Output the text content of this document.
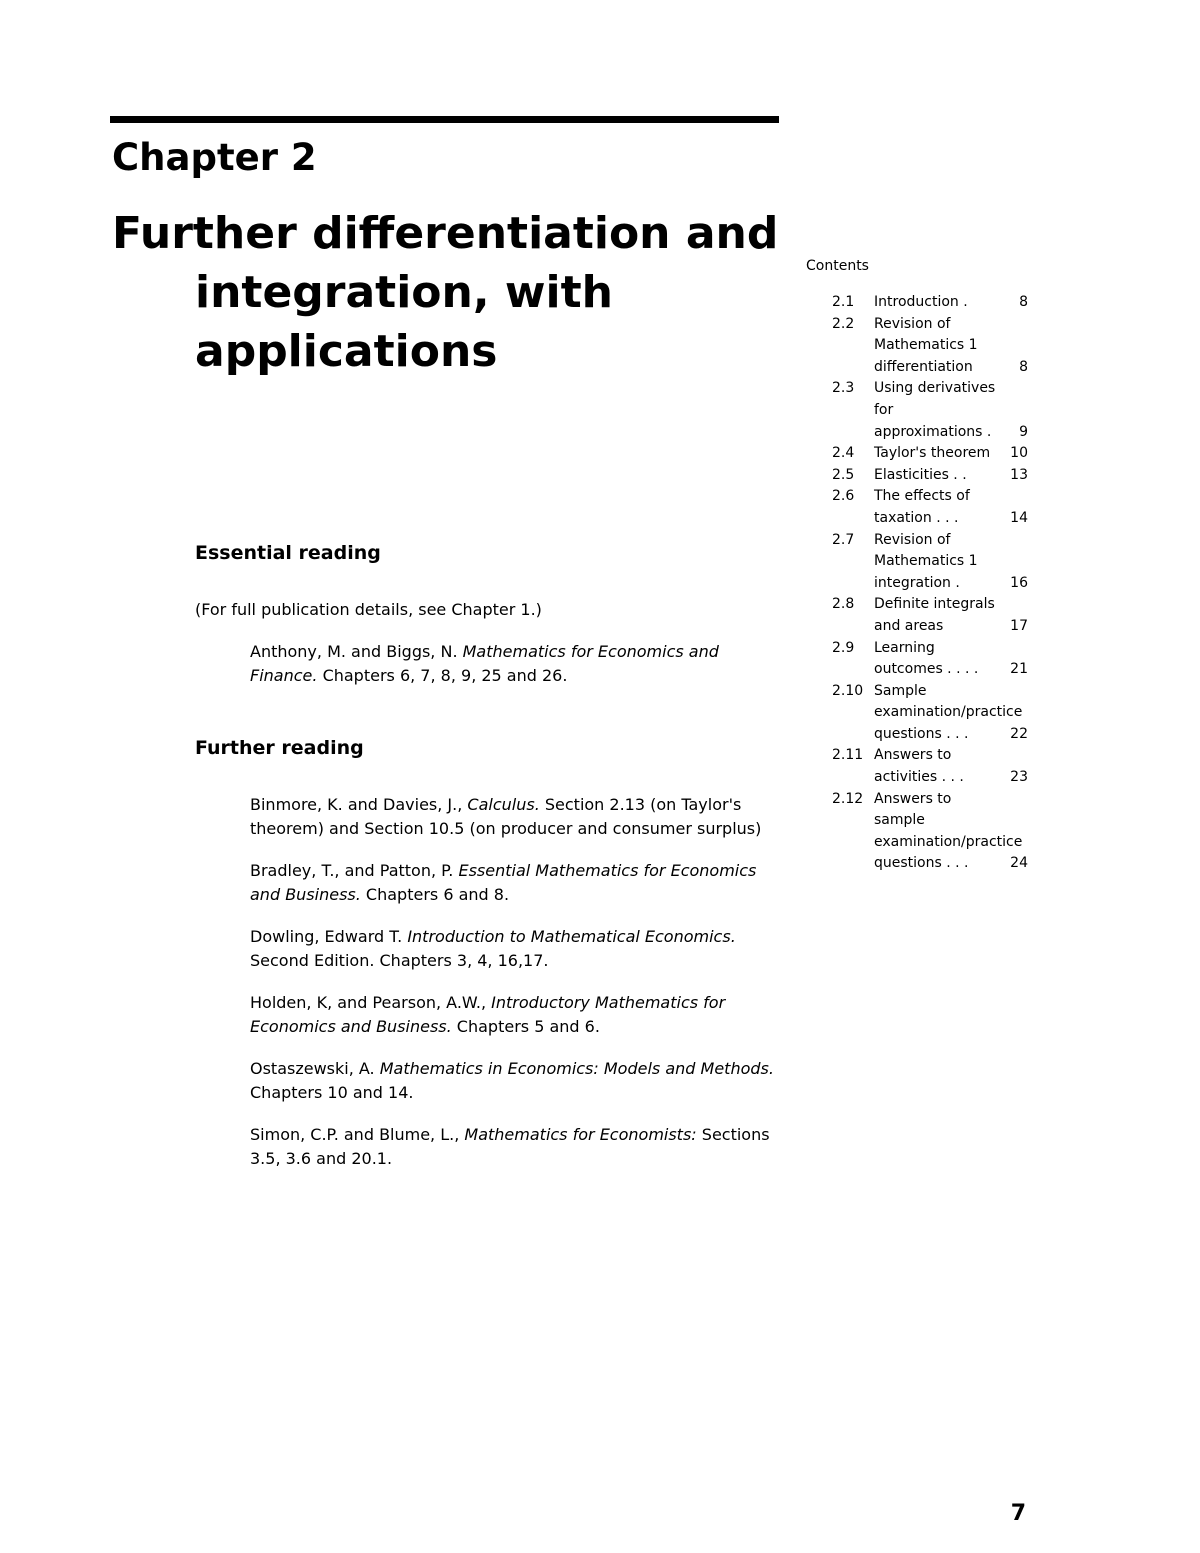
Chapter 2
Further differentiation and integration, with applications
Essential reading

(For full publication details, see Chapter 1.)

Anthony, M. and Biggs, N. Mathematics for Economics and Finance. Chapters 6, 7, 8, 9, 25 and 26.

Further reading

Binmore, K. and Davies, J., Calculus. Section 2.13 (on Taylor's theorem) and Section 10.5 (on producer and consumer surplus)

Bradley, T., and Patton, P. Essential Mathematics for Economics and Business. Chapters 6 and 8.

Dowling, Edward T. Introduction to Mathematical Economics. Second Edition. Chapters 3, 4, 16,17.

Holden, K, and Pearson, A.W., Introductory Mathematics for Economics and Business. Chapters 5 and 6.

Ostaszewski, A. Mathematics in Economics: Models and Methods. Chapters 10 and 14.

Simon, C.P. and Blume, L., Mathematics for Economists: Sections 3.5, 3.6 and 20.1.

Contents
2.1	Introduction .	8
2.2	Revision of Mathematics 1 differentiation	8
2.3	Using derivatives for approximations .	9
2.4	Taylor's theorem	10
2.5	Elasticities . .	13
2.6	The effects of taxation . . .	14
2.7	Revision of Mathematics 1 integration .	16
2.8	Definite integrals and areas	17
2.9	Learning outcomes . . . .	21
2.10 Sample examination/practice questions . . .	22
2.11 Answers to activities . . .	23
2.12 Answers to sample examination/practice questions . . .	24
7
